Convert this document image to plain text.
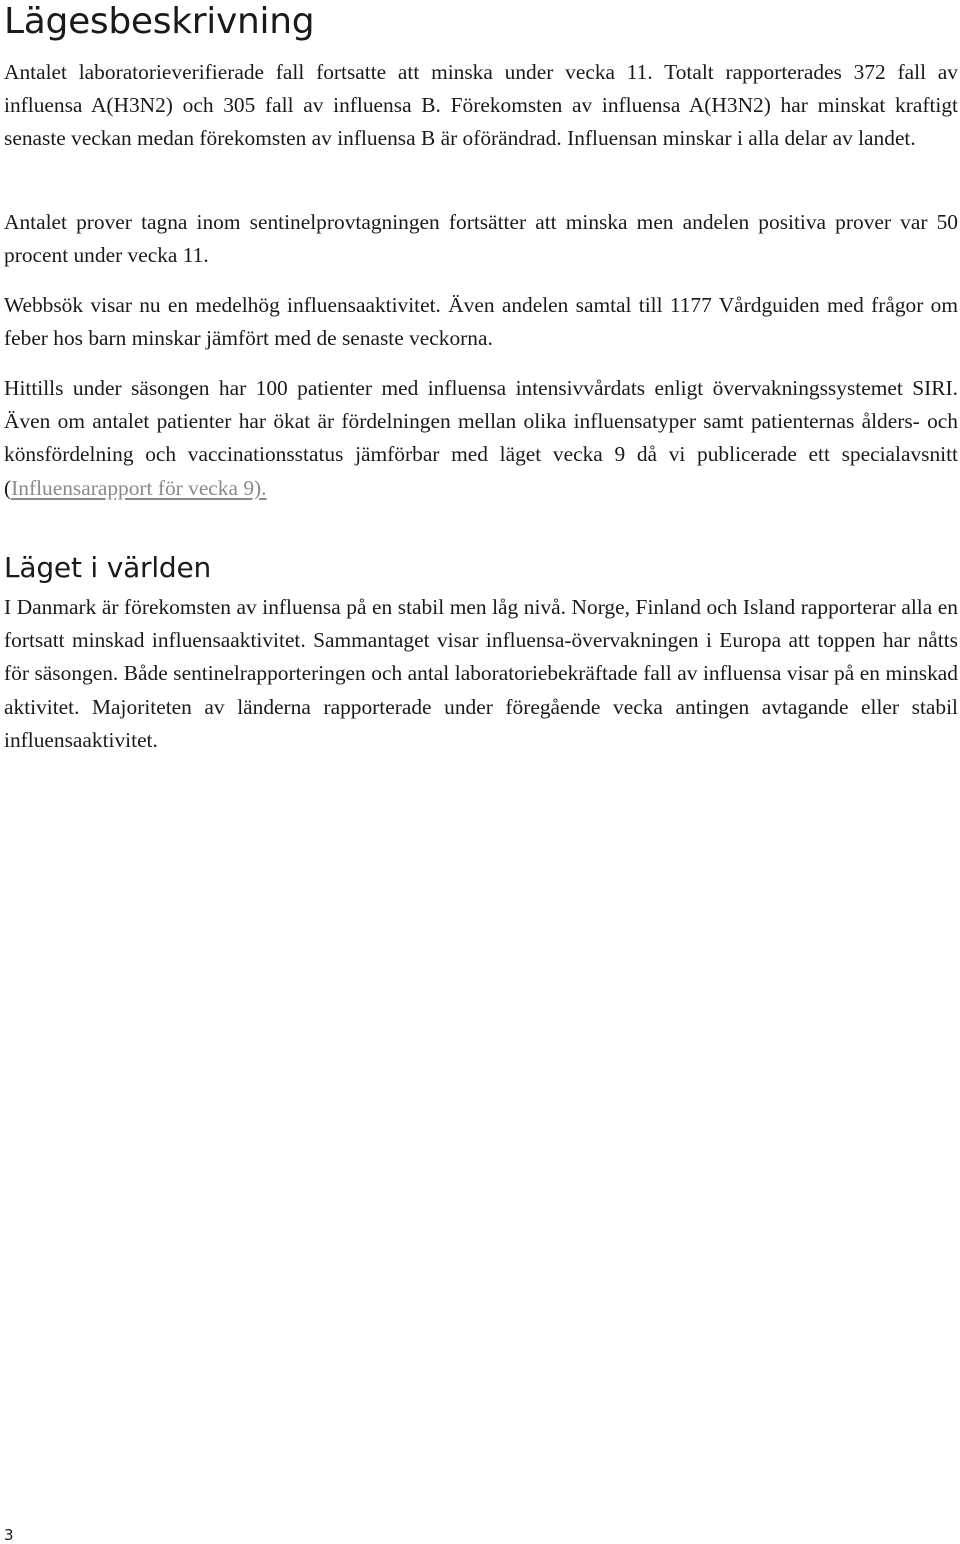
Lägesbeskrivning

Antalet laboratorieverifierade fall fortsatte att minska under vecka 11. Totalt rapporterades 372 fall av influensa A(H3N2) och 305 fall av influensa B. Förekomsten av influensa A(H3N2) har minskat kraftigt senaste veckan medan förekomsten av influensa B är oförändrad. Influensan minskar i alla delar av landet.

Antalet prover tagna inom sentinelprovtagningen fortsätter att minska men andelen positiva prover var 50 procent under vecka 11.

Webbsök visar nu en medelhög influensaaktivitet. Även andelen samtal till 1177 Vårdguiden med frågor om feber hos barn minskar jämfört med de senaste veckorna.

Hittills under säsongen har 100 patienter med influensa intensivvårdats enligt övervakningssystemet SIRI. Även om antalet patienter har ökat är fördelningen mellan olika influensatyper samt patienternas ålders- och könsfördelning och vaccinationsstatus jämförbar med läget vecka 9 då vi publicerade ett specialavsnitt (Influensarapport för vecka 9).

Läget i världen

I Danmark är förekomsten av influensa på en stabil men låg nivå. Norge, Finland och Island rapporterar alla en fortsatt minskad influensaaktivitet. Sammantaget visar influensa-övervakningen i Europa att toppen har nåtts för säsongen. Både sentinelrapporteringen och antal laboratoriebekräftade fall av influensa visar på en minskad aktivitet. Majoriteten av länderna rapporterade under föregående vecka antingen avtagande eller stabil influensaaktivitet.

3
